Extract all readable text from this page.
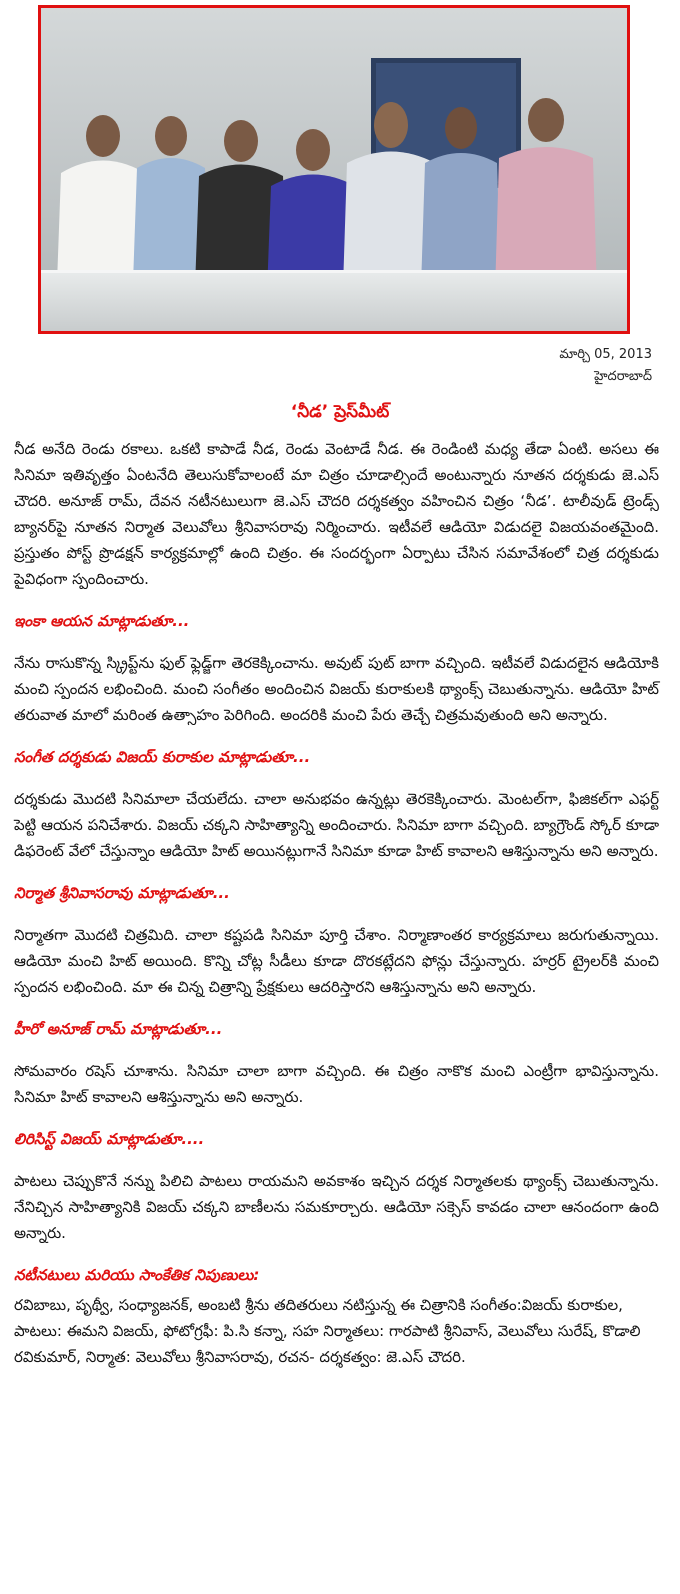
మార్చి 05, 2013
హైదరాబాద్
‘నీడ’ ప్రెస్‌మీట్

నీడ అనేది రెండు రకాలు. ఒకటి కాపాడే నీడ, రెండు వెంటాడే నీడ. ఈ రెండింటి మధ్య తేడా ఏంటి. అసలు ఈ సినిమా ఇతివృత్తం ఏంటనేది తెలుసుకోవాలంటే మా చిత్రం చూడాల్సిందే అంటున్నారు నూతన దర్శకుడు జె.ఎస్ చౌదరి. అనూజ్ రామ్, దేవన నటీనటులుగా జె.ఎస్ చౌదరి దర్శకత్వం వహించిన చిత్రం ‘నీడ’. టాలీవుడ్ ట్రెండ్స్ బ్యానర్‌పై నూతన నిర్మాత వెలువోలు శ్రీనివాసరావు నిర్మించారు. ఇటీవలే ఆడియో విడుదలై విజయవంతమైంది. ప్రస్తుతం పోస్ట్ ప్రొడక్షన్ కార్యక్రమాల్లో ఉంది చిత్రం. ఈ సందర్భంగా ఏర్పాటు చేసిన సమావేశంలో చిత్ర దర్శకుడు పైవిధంగా స్పందించారు.

ఇంకా ఆయన మాట్లాడుతూ...

నేను రాసుకొన్న స్క్రిప్ట్‌ను ఫుల్ ఫ్లెడ్జ్‌గా తెరకెక్కించాను. అవుట్ పుట్ బాగా వచ్చింది. ఇటీవలే విడుదలైన ఆడియోకి మంచి స్పందన లభించింది. మంచి సంగీతం అందించిన విజయ్ కురాకులకి థ్యాంక్స్ చెబుతున్నాను. ఆడియో హిట్ తరువాత మాలో మరింత ఉత్సాహం పెరిగింది. అందరికి మంచి పేరు తెచ్చే చిత్రమవుతుంది అని అన్నారు.

సంగీత దర్శకుడు విజయ్ కురాకుల మాట్లాడుతూ...

దర్శకుడు మొదటి సినిమాలా చేయలేదు. చాలా అనుభవం ఉన్నట్లు తెరకెక్కించారు. మెంటల్‌గా, ఫిజికల్‌గా ఎఫర్ట్ పెట్టి ఆయన పనిచేశారు. విజయ్ చక్కని సాహిత్యాన్ని అందించారు. సినిమా బాగా వచ్చింది. బ్యాగ్రౌండ్ స్కోర్ కూడా డిఫరెంట్ వేలో చేస్తున్నాం ఆడియో హిట్ అయినట్లుగానే సినిమా కూడా హిట్ కావాలని ఆశిస్తున్నాను అని అన్నారు.

నిర్మాత శ్రీనివాసరావు మాట్లాడుతూ...

నిర్మాతగా మొదటి చిత్రమిది. చాలా కష్టపడి సినిమా పూర్తి చేశాం. నిర్మాణాంతర కార్యక్రమాలు జరుగుతున్నాయి. ఆడియో మంచి హిట్ అయింది. కొన్ని చోట్ల సీడీలు కూడా దొరకట్లేదని ఫోన్లు చేస్తున్నారు. హర్రర్ ట్రైలర్‌కి మంచి స్పందన లభించింది. మా ఈ చిన్న చిత్రాన్ని ప్రేక్షకులు ఆదరిస్తారని ఆశిస్తున్నాను అని అన్నారు.

హీరో అనూజ్ రామ్ మాట్లాడుతూ...

సోమవారం రషెస్ చూశాను. సినిమా చాలా బాగా వచ్చింది. ఈ చిత్రం నాకొక మంచి ఎంట్రీగా భావిస్తున్నాను. సినిమా హిట్ కావాలని ఆశిస్తున్నాను అని అన్నారు.

లిరిసిస్ట్ విజయ్ మాట్లాడుతూ....

పాటలు చెప్పుకొనే నన్ను పిలిచి పాటలు రాయమని అవకాశం ఇచ్చిన దర్శక నిర్మాతలకు థ్యాంక్స్ చెబుతున్నాను. నేనిచ్చిన సాహిత్యానికి విజయ్ చక్కని బాణీలను సమకూర్చారు. ఆడియో సక్సెస్ కావడం చాలా ఆనందంగా ఉంది అన్నారు.

నటీనటులు మరియు సాంకేతిక నిపుణులు:

రవిబాబు, పృథ్వీ, సంధ్యాజనక్, అంబటి శ్రీను తదితరులు నటిస్తున్న ఈ చిత్రానికి సంగీతం:విజయ్ కురాకుల, పాటలు: ఈమని విజయ్, ఫోటోగ్రఫీ: పి.సి కన్నా, సహ నిర్మాతలు: గారపాటి శ్రీనివాస్, వెలువోలు సురేష్, కొడాలి రవికుమార్, నిర్మాత: వెలువోలు శ్రీనివాసరావు, రచన- దర్శకత్వం: జె.ఎస్ చౌదరి.
